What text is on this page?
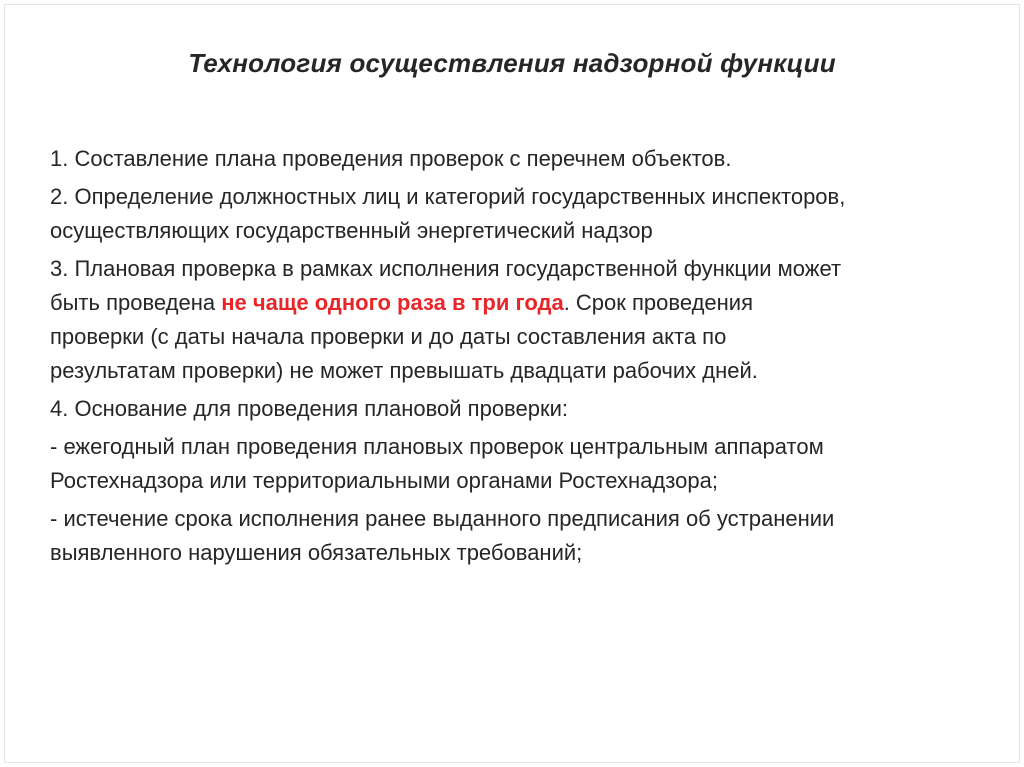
Технология осуществления надзорной функции
1. Составление плана проведения проверок с перечнем объектов.
2. Определение должностных лиц и категорий государственных инспекторов,
осуществляющих государственный энергетический надзор
3. Плановая проверка в рамках исполнения государственной функции может
быть проведена не чаще одного раза в три года. Срок проведения
проверки (с даты начала проверки и до даты составления акта по
результатам проверки) не может превышать двадцати рабочих дней.
4. Основание для проведения плановой проверки:
- ежегодный план проведения плановых проверок центральным аппаратом
Ростехнадзора или территориальными органами Ростехнадзора;
- истечение срока исполнения ранее выданного предписания об устранении
выявленного нарушения обязательных требований;
